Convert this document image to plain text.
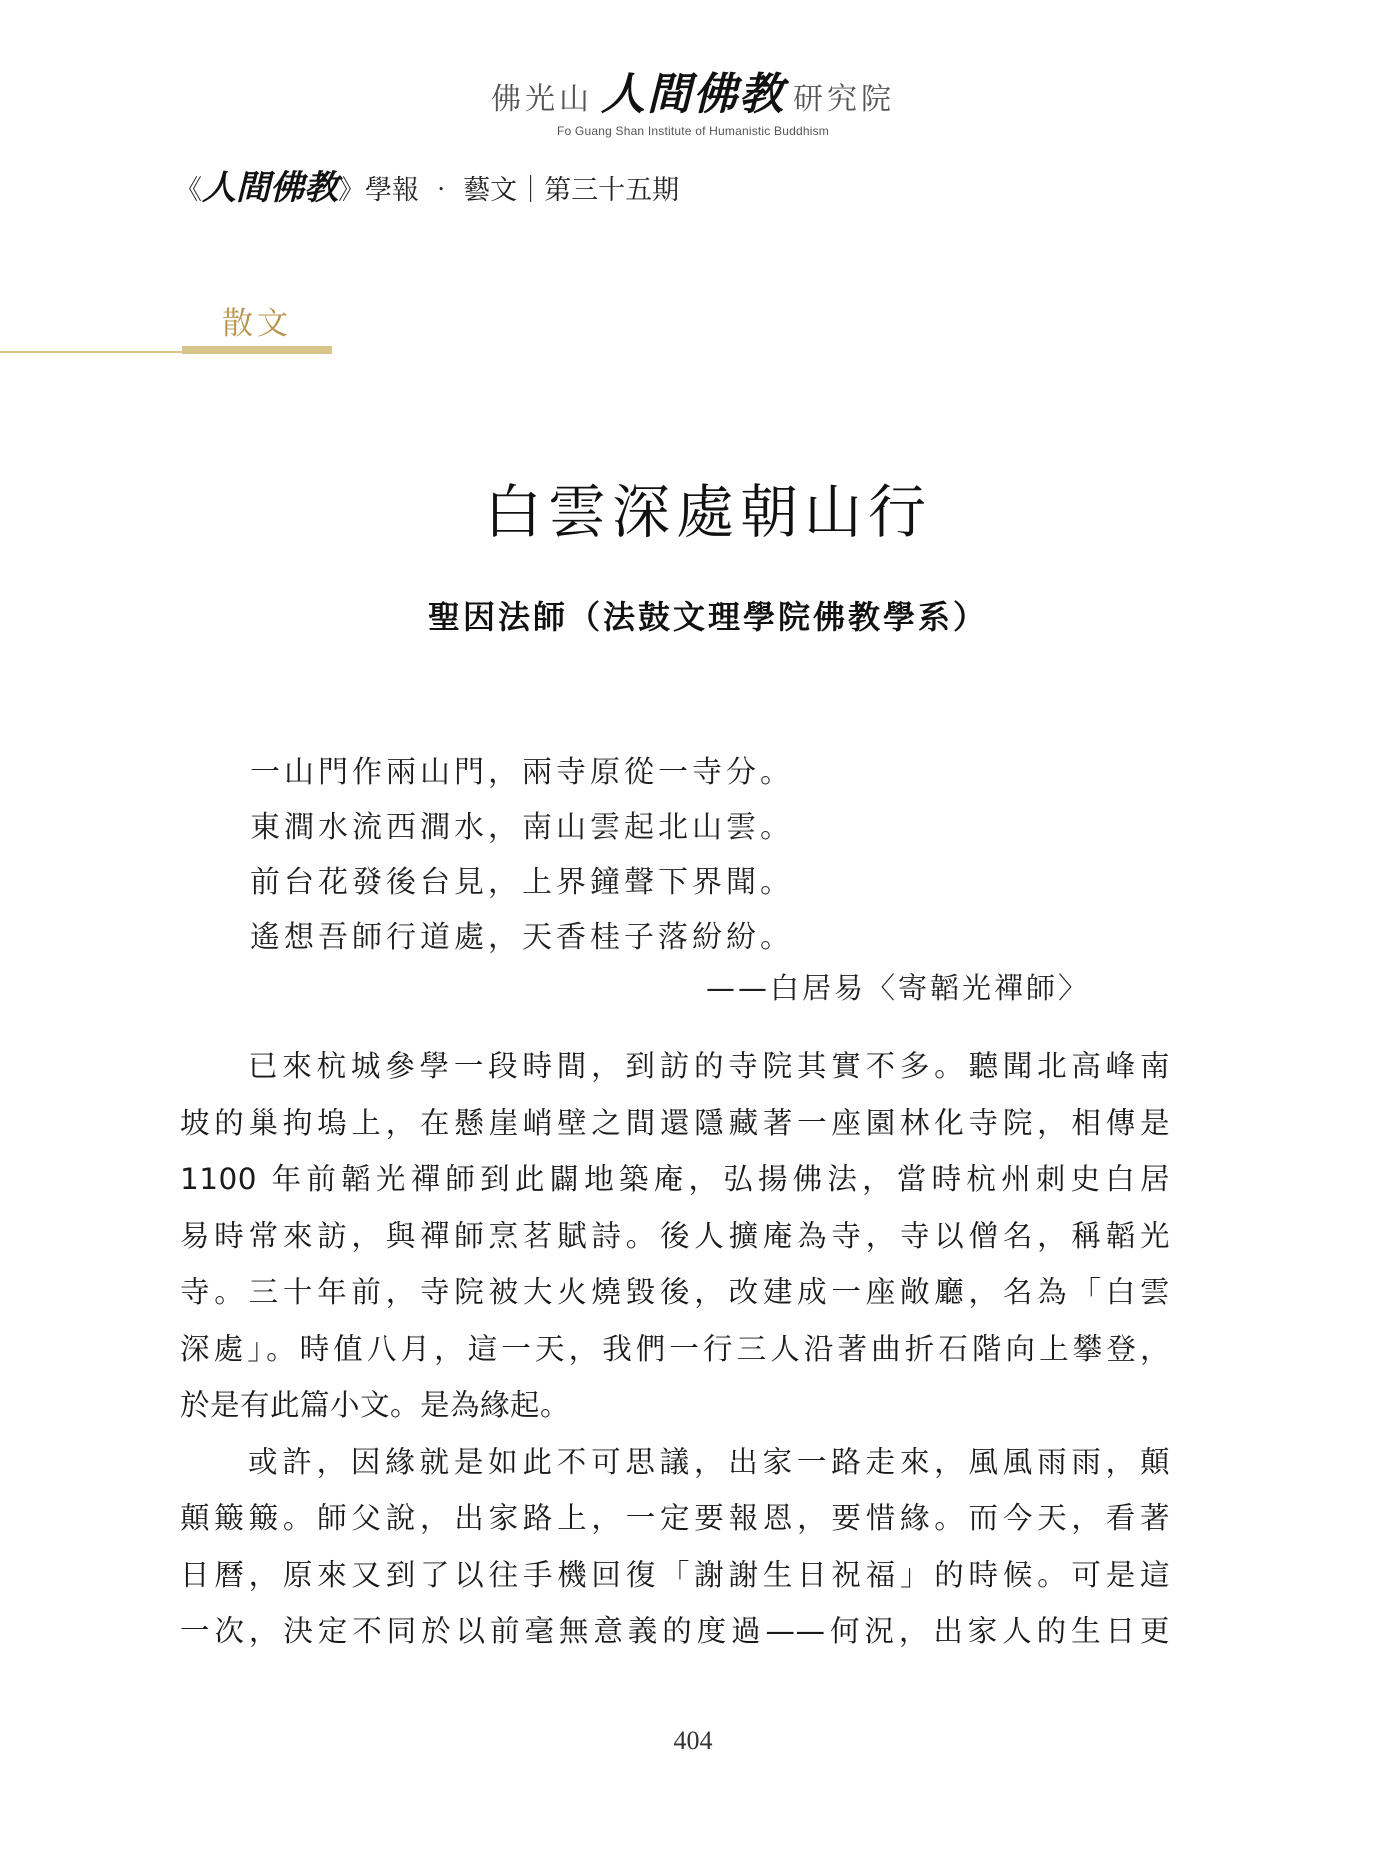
佛光山 人間佛教 研究院
Fo Guang Shan Institute of Humanistic Buddhism
《 人間佛教 》 學報 ‧ 藝文｜第三十五期
散文
白雲深處朝山行
聖因法師（法鼓文理學院佛教學系）
一山門作兩山門，兩寺原從一寺分。
東澗水流西澗水，南山雲起北山雲。
前台花發後台見，上界鐘聲下界聞。
遙想吾師行道處，天香桂子落紛紛。
——白居易〈寄韜光禪師〉
已來杭城參學一段時間，到訪的寺院其實不多。聽聞北高峰南
坡的巢拘塢上，在懸崖峭壁之間還隱藏著一座園林化寺院，相傳是
1100 年前韜光禪師到此闢地築庵，弘揚佛法，當時杭州刺史白居
易時常來訪，與禪師烹茗賦詩。後人擴庵為寺，寺以僧名，稱韜光
寺。三十年前，寺院被大火燒毀後，改建成一座敞廳，名為「白雲
深處」。時值八月，這一天，我們一行三人沿著曲折石階向上攀登，
於是有此篇小文。是為緣起。
或許，因緣就是如此不可思議，出家一路走來，風風雨雨，顛
顛簸簸。師父說，出家路上，一定要報恩，要惜緣。而今天，看著
日曆，原來又到了以往手機回復「謝謝生日祝福」的時候。可是這
一次，決定不同於以前毫無意義的度過——何況，出家人的生日更
404
